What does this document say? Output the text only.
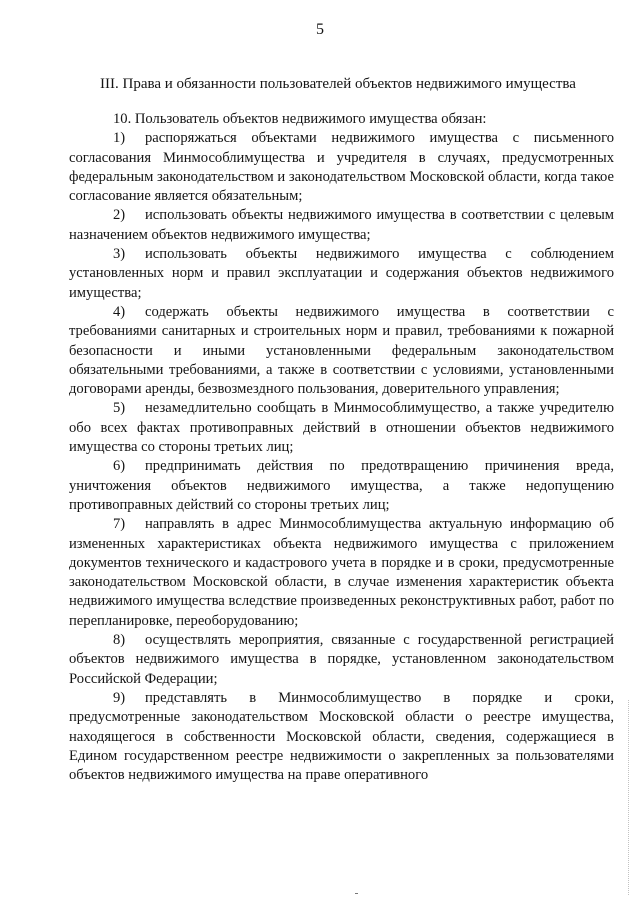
5
III. Права и обязанности пользователей объектов недвижимого имущества

10. Пользователь объектов недвижимого имущества обязан:

1) распоряжаться объектами недвижимого имущества с письменного согласования Минмособлимущества и учредителя в случаях, предусмотренных федеральным законодательством и законодательством Московской области, когда такое согласование является обязательным;

2) использовать объекты недвижимого имущества в соответствии с целевым назначением объектов недвижимого имущества;

3) использовать объекты недвижимого имущества с соблюдением установленных норм и правил эксплуатации и содержания объектов недвижимого имущества;

4) содержать объекты недвижимого имущества в соответствии с требованиями санитарных и строительных норм и правил, требованиями к пожарной безопасности и иными установленными федеральным законодательством обязательными требованиями, а также в соответствии с условиями, установленными договорами аренды, безвозмездного пользования, доверительного управления;

5) незамедлительно сообщать в Минмособлимущество, а также учредителю обо всех фактах противоправных действий в отношении объектов недвижимого имущества со стороны третьих лиц;

6) предпринимать действия по предотвращению причинения вреда, уничтожения объектов недвижимого имущества, а также недопущению противоправных действий со стороны третьих лиц;

7) направлять в адрес Минмособлимущества актуальную информацию об измененных характеристиках объекта недвижимого имущества с приложением документов технического и кадастрового учета в порядке и в сроки, предусмотренные законодательством Московской области, в случае изменения характеристик объекта недвижимого имущества вследствие произведенных реконструктивных работ, работ по перепланировке, переоборудованию;

8) осуществлять мероприятия, связанные с государственной регистрацией объектов недвижимого имущества в порядке, установленном законодательством Российской Федерации;

9) представлять в Минмособлимущество в порядке и сроки, предусмотренные законодательством Московской области о реестре имущества, находящегося в собственности Московской области, сведения, содержащиеся в Едином государственном реестре недвижимости о закрепленных за пользователями объектов недвижимого имущества на праве оперативного
